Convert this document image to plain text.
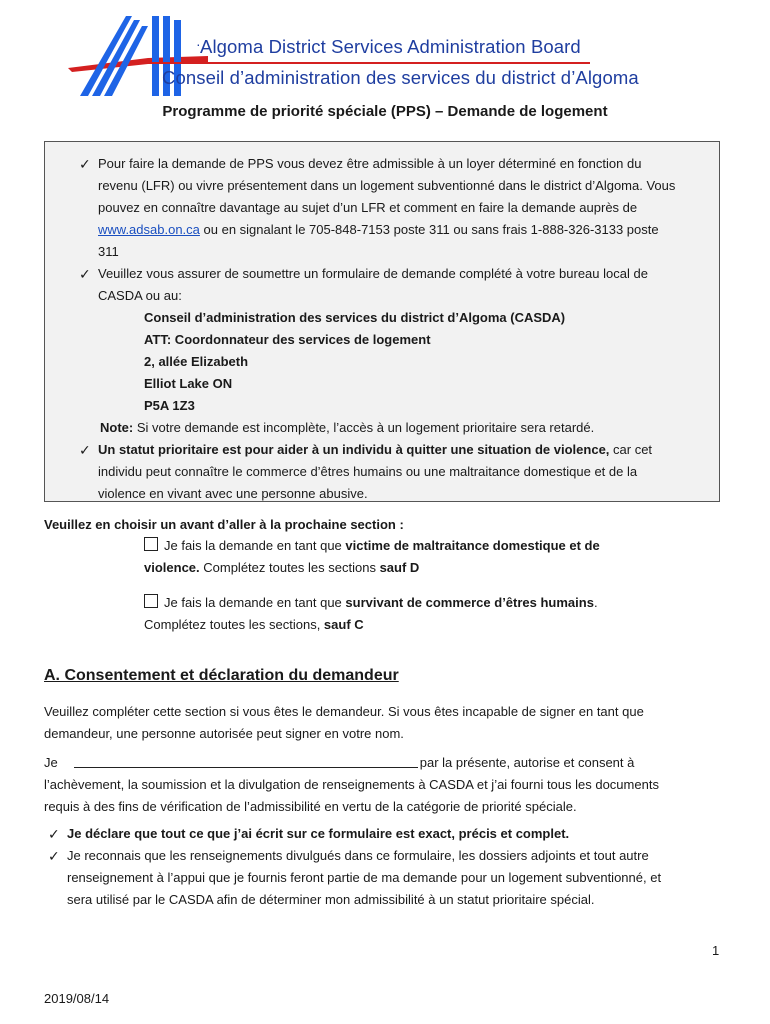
· Algoma District Services Administration Board
Conseil d’administration des services du district d’Algoma
Programme de priorité spéciale (PPS) – Demande de logement
✓ Pour faire la demande de PPS vous devez être admissible à un loyer déterminé en fonction du
revenu (LFR) ou vivre présentement dans un logement subventionné dans le district d’Algoma. Vous
pouvez en connaître davantage au sujet d’un LFR et comment en faire la demande auprès de
www.adsab.on.ca ou en signalant le 705-848-7153 poste 311 ou sans frais 1-888-326-3133 poste
311
✓ Veuillez vous assurer de soumettre un formulaire de demande complété à votre bureau local de
CASDA ou au:
Conseil d’administration des services du district d’Algoma (CASDA)
ATT: Coordonnateur des services de logement
2, allée Elizabeth
Elliot Lake ON
P5A 1Z3
Note: Si votre demande est incomplète, l’accès à un logement prioritaire sera retardé.
✓ Un statut prioritaire est pour aider à un individu à quitter une situation de violence, car cet
individu peut connaître le commerce d’êtres humains ou une maltraitance domestique et de la
violence en vivant avec une personne abusive.
Veuillez en choisir un avant d’aller à la prochaine section :
Je fais la demande en tant que victime de maltraitance domestique et de
violence. Complétez toutes les sections sauf D
Je fais la demande en tant que survivant de commerce d’êtres humains.
Complétez toutes les sections, sauf C
A. Consentement et déclaration du demandeur
Veuillez compléter cette section si vous êtes le demandeur. Si vous êtes incapable de signer en tant que
demandeur, une personne autorisée peut signer en votre nom.
Je	par la présente, autorise et consent à
l’achèvement, la soumission et la divulgation de renseignements à CASDA et j’ai fourni tous les documents
requis à des fins de vérification de l’admissibilité en vertu de la catégorie de priorité spéciale.
✓ Je déclare que tout ce que j’ai écrit sur ce formulaire est exact, précis et complet.
✓ Je reconnais que les renseignements divulgués dans ce formulaire, les dossiers adjoints et tout autre
renseignement à l’appui que je fournis feront partie de ma demande pour un logement subventionné, et
sera utilisé par le CASDA afin de déterminer mon admissibilité à un statut prioritaire spécial.
1
2019/08/14
